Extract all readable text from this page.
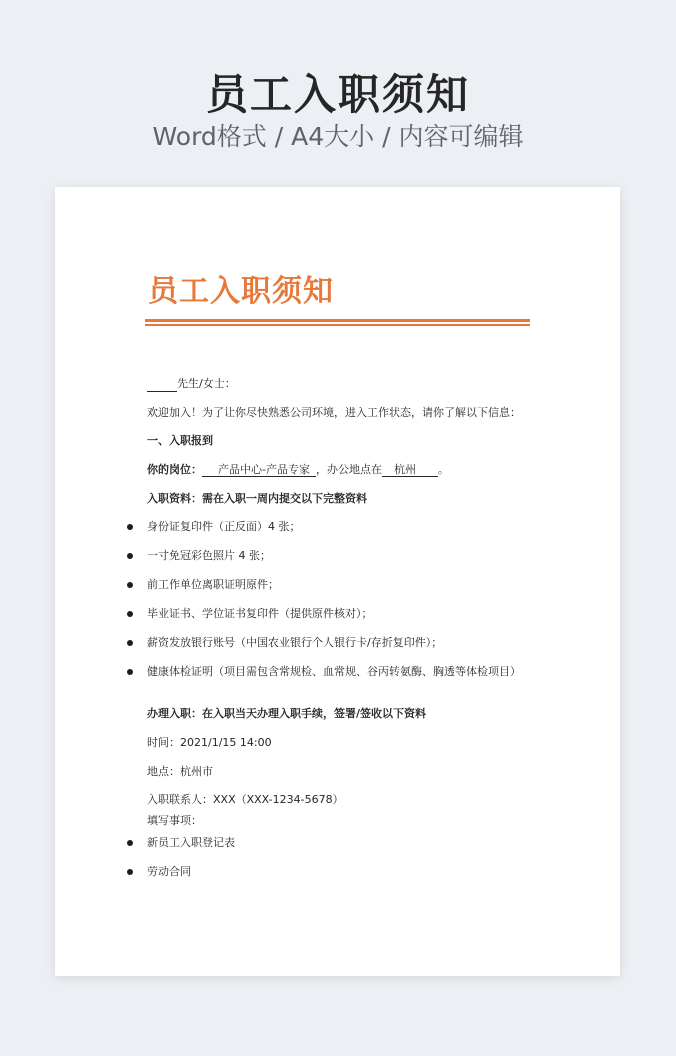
员工入职须知
Word格式 / A4大小 / 内容可编辑
员工入职须知
先生/女士：
欢迎加入！为了让你尽快熟悉公司环境，进入工作状态，请你了解以下信息：
一、入职报到
你的岗位： 产品中心-产品专家 ，办公地点在 杭州 。
入职资料：需在入职一周内提交以下完整资料
身份证复印件（正反面）4 张；
一寸免冠彩色照片 4 张；
前工作单位离职证明原件；
毕业证书、学位证书复印件（提供原件核对）；
薪资发放银行账号（中国农业银行个人银行卡/存折复印件）；
健康体检证明（项目需包含常规检、血常规、谷丙转氨酶、胸透等体检项目）
办理入职：在入职当天办理入职手续，签署/签收以下资料
时间：2021/1/15 14:00
地点：杭州市
入职联系人：XXX（XXX-1234-5678）
填写事项：
新员工入职登记表
劳动合同
